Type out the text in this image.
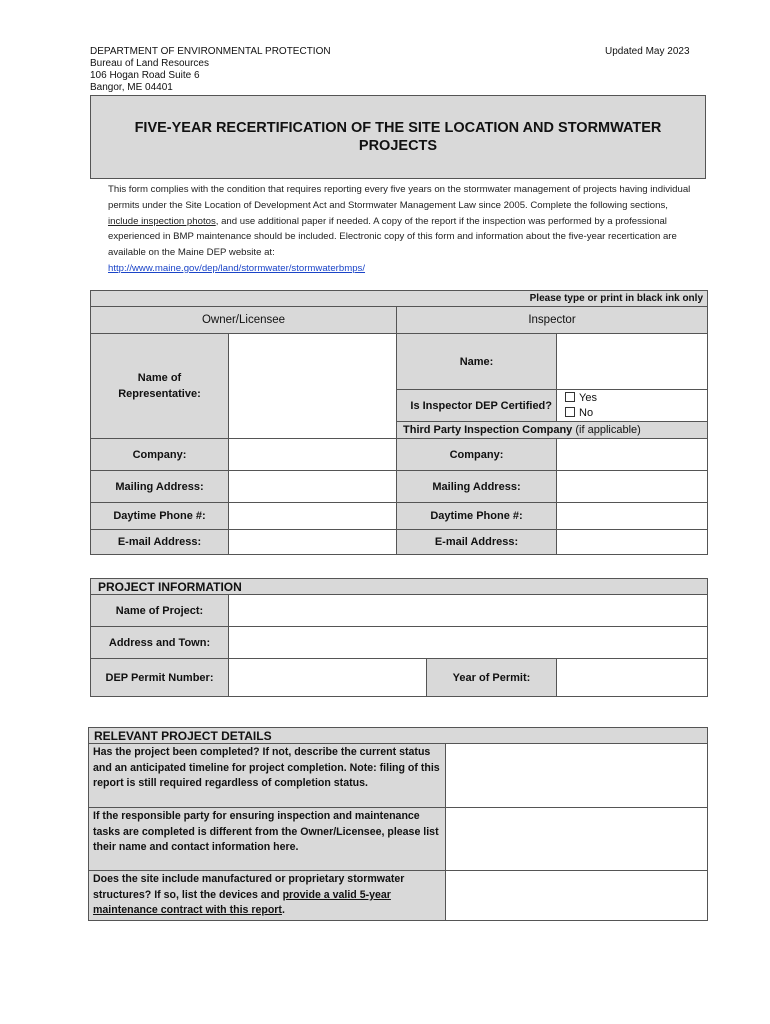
DEPARTMENT OF ENVIRONMENTAL PROTECTION
Bureau of Land Resources
106 Hogan Road Suite 6
Bangor, ME 04401
Updated May 2023
FIVE-YEAR RECERTIFICATION OF THE SITE LOCATION AND STORMWATER PROJECTS
This form complies with the condition that requires reporting every five years on the stormwater management of projects having individual permits under the Site Location of Development Act and Stormwater Management Law since 2005. Complete the following sections, include inspection photos, and use additional paper if needed. A copy of the report if the inspection was performed by a professional experienced in BMP maintenance should be included. Electronic copy of this form and information about the five-year recertication are available on the Maine DEP website at:
http://www.maine.gov/dep/land/stormwater/stormwaterbmps/
Please type or print in black ink only			
Owner/Licensee		Inspector	
Name of Representative:		Name:	
		Is Inspector DEP Certified?	Yes
No

		Third Party Inspection Company (if applicable)	
Company:		Company:	
Mailing Address:		Mailing Address:	
Daytime Phone #:		Daytime Phone #:	
E-mail Address:		E-mail Address:	
PROJECT INFORMATION			
Name of Project:			
Address and Town:			
DEP Permit Number:		Year of Permit:	
RELEVANT PROJECT DETAILS	
Has the project been completed? If not, describe the current status and an anticipated timeline for project completion. Note: filing of this report is still required regardless of completion status.	
If the responsible party for ensuring inspection and maintenance tasks are completed is different from the Owner/Licensee, please list their name and contact information here.	
Does the site include manufactured or proprietary stormwater structures? If so, list the devices and provide a valid 5-year maintenance contract with this report.	
